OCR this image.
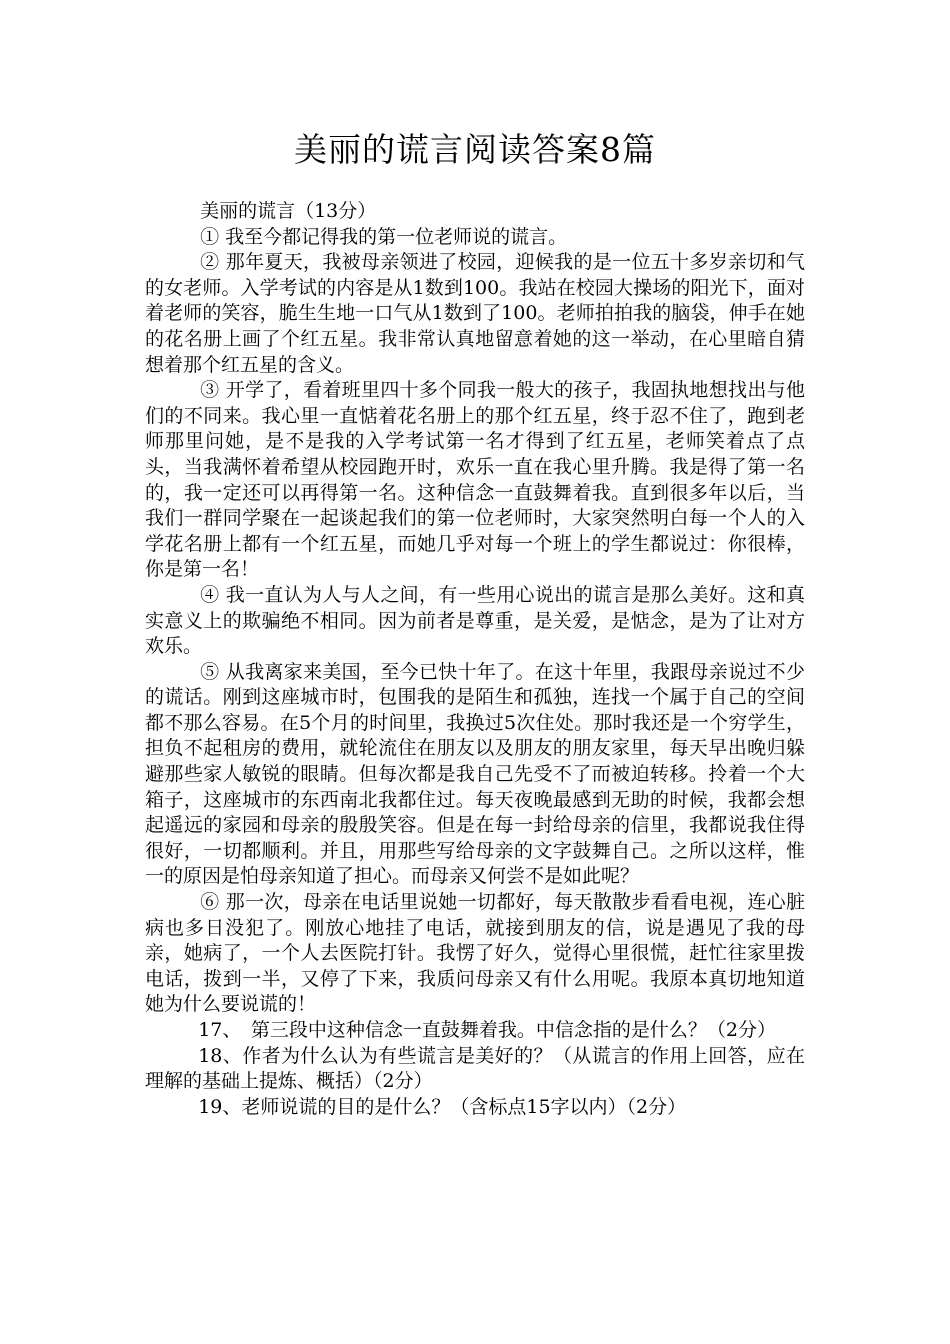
美丽的谎言阅读答案8篇

美丽的谎言（13分）

① 我至今都记得我的第一位老师说的谎言。

② 那年夏天，我被母亲领进了校园，迎候我的是一位五十多岁亲切和气的女老师。入学考试的内容是从1数到100。我站在校园大操场的阳光下，面对着老师的笑容，脆生生地一口气从1数到了100。老师拍拍我的脑袋，伸手在她的花名册上画了个红五星。我非常认真地留意着她的这一举动，在心里暗自猜想着那个红五星的含义。

③ 开学了，看着班里四十多个同我一般大的孩子，我固执地想找出与他们的不同来。我心里一直惦着花名册上的那个红五星，终于忍不住了，跑到老师那里问她，是不是我的入学考试第一名才得到了红五星，老师笑着点了点头，当我满怀着希望从校园跑开时，欢乐一直在我心里升腾。我是得了第一名的，我一定还可以再得第一名。这种信念一直鼓舞着我。直到很多年以后，当我们一群同学聚在一起谈起我们的第一位老师时，大家突然明白每一个人的入学花名册上都有一个红五星，而她几乎对每一个班上的学生都说过：你很棒，你是第一名！

④ 我一直认为人与人之间，有一些用心说出的谎言是那么美好。这和真实意义上的欺骗绝不相同。因为前者是尊重，是关爱，是惦念，是为了让对方欢乐。

⑤ 从我离家来美国，至今已快十年了。在这十年里，我跟母亲说过不少的谎话。刚到这座城市时，包围我的是陌生和孤独，连找一个属于自己的空间都不那么容易。在5个月的时间里，我换过5次住处。那时我还是一个穷学生，担负不起租房的费用，就轮流住在朋友以及朋友的朋友家里，每天早出晚归躲避那些家人敏锐的眼睛。但每次都是我自己先受不了而被迫转移。拎着一个大箱子，这座城市的东西南北我都住过。每天夜晚最感到无助的时候，我都会想起遥远的家园和母亲的殷殷笑容。但是在每一封给母亲的信里，我都说我住得很好，一切都顺利。并且，用那些写给母亲的文字鼓舞自己。之所以这样，惟一的原因是怕母亲知道了担心。而母亲又何尝不是如此呢？

⑥ 那一次，母亲在电话里说她一切都好，每天散散步看看电视，连心脏病也多日没犯了。刚放心地挂了电话，就接到朋友的信，说是遇见了我的母亲，她病了，一个人去医院打针。我愣了好久，觉得心里很慌，赶忙往家里拨电话，拨到一半，又停了下来，我质问母亲又有什么用呢。我原本真切地知道她为什么要说谎的！

17、　第三段中这种信念一直鼓舞着我。中信念指的是什么？（2分）

18、作者为什么认为有些谎言是美好的？（从谎言的作用上回答，应在理解的基础上提炼、概括）（2分）

19、老师说谎的目的是什么？（含标点15字以内）（2分）
